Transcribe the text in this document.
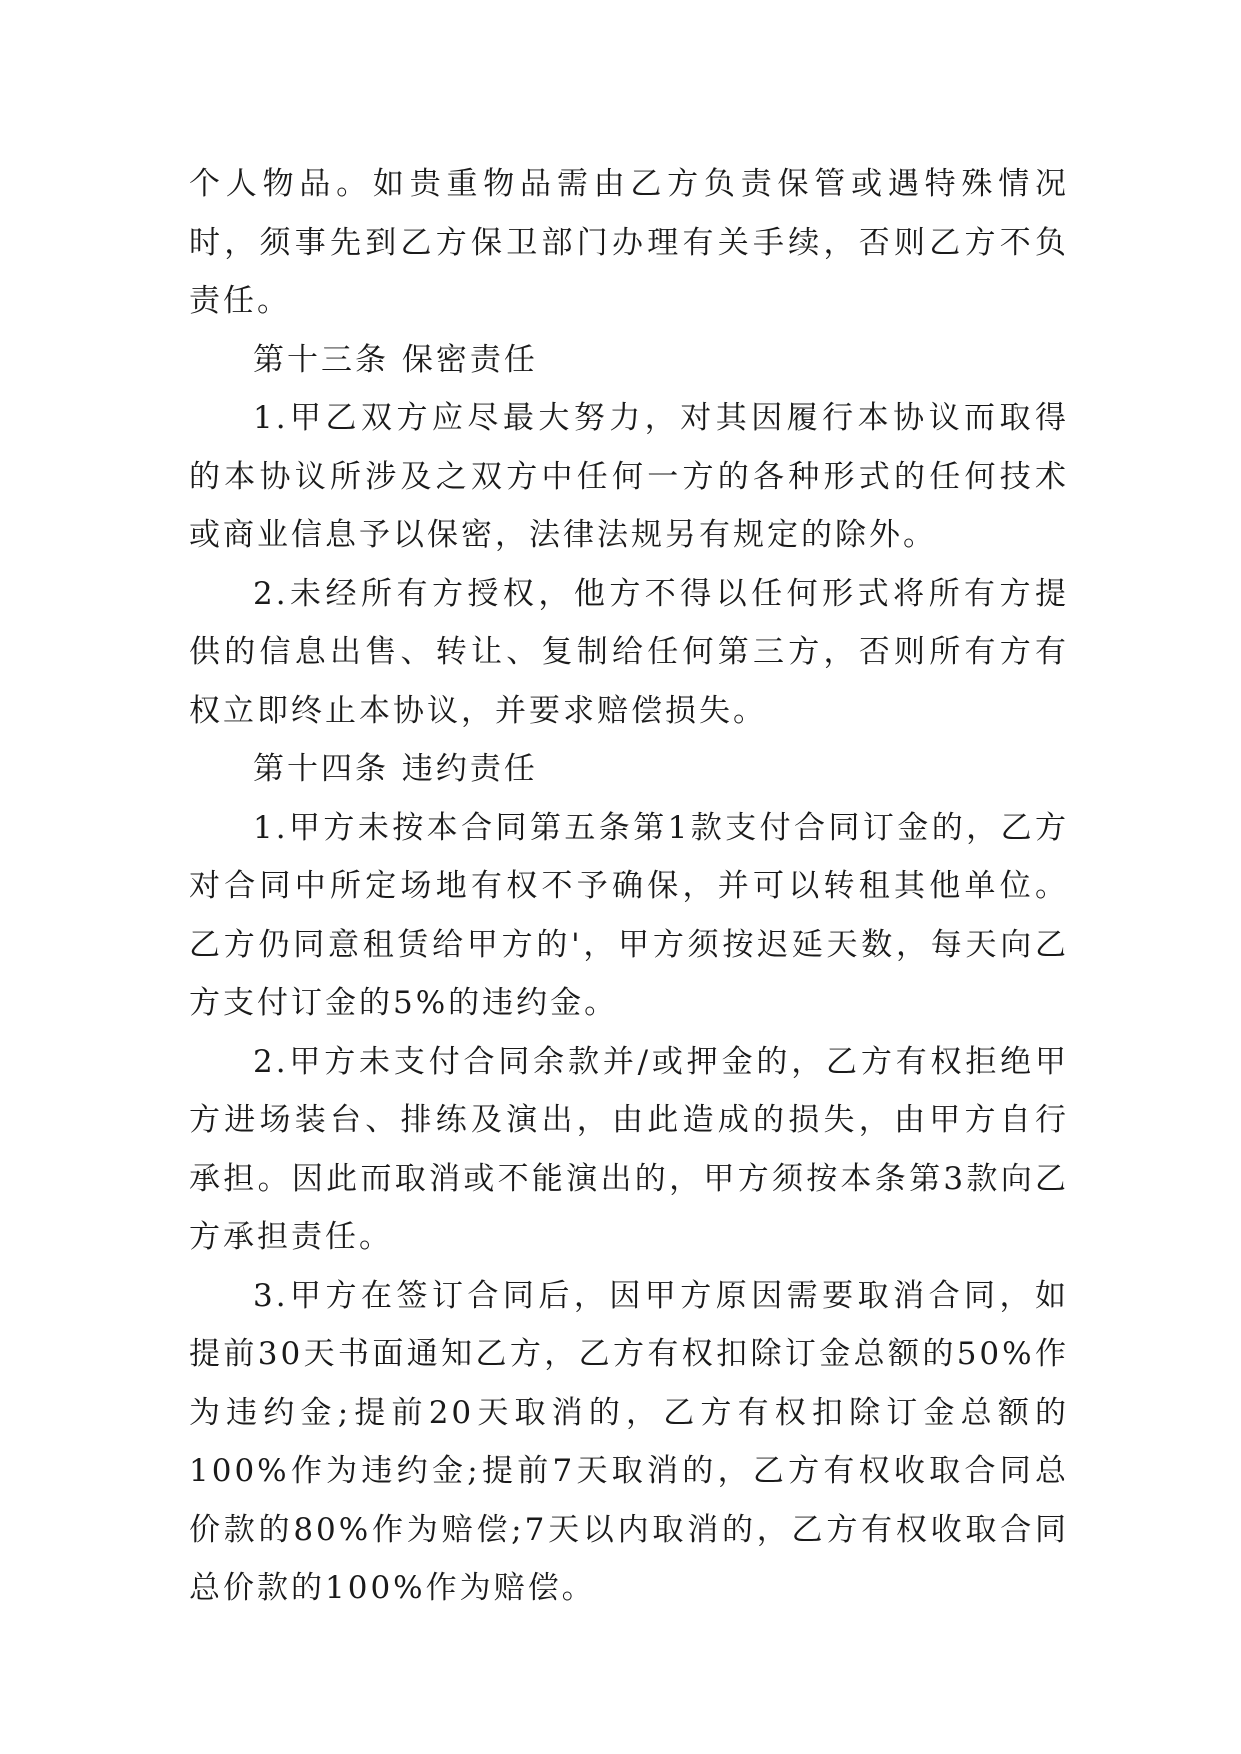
个人物品。如贵重物品需由乙方负责保管或遇特殊情况时，须事先到乙方保卫部门办理有关手续，否则乙方不负责任。

第十三条 保密责任

1.甲乙双方应尽最大努力，对其因履行本协议而取得的本协议所涉及之双方中任何一方的各种形式的任何技术或商业信息予以保密，法律法规另有规定的除外。

2.未经所有方授权，他方不得以任何形式将所有方提供的信息出售、转让、复制给任何第三方，否则所有方有权立即终止本协议，并要求赔偿损失。

第十四条 违约责任

1.甲方未按本合同第五条第1款支付合同订金的，乙方对合同中所定场地有权不予确保，并可以转租其他单位。乙方仍同意租赁给甲方的'，甲方须按迟延天数，每天向乙方支付订金的5%的违约金。

2.甲方未支付合同余款并/或押金的，乙方有权拒绝甲方进场装台、排练及演出，由此造成的损失，由甲方自行承担。因此而取消或不能演出的，甲方须按本条第3款向乙方承担责任。

3.甲方在签订合同后，因甲方原因需要取消合同，如提前30天书面通知乙方，乙方有权扣除订金总额的50%作为违约金;提前20天取消的，乙方有权扣除订金总额的100%作为违约金;提前7天取消的，乙方有权收取合同总价款的80%作为赔偿;7天以内取消的，乙方有权收取合同总价款的100%作为赔偿。
